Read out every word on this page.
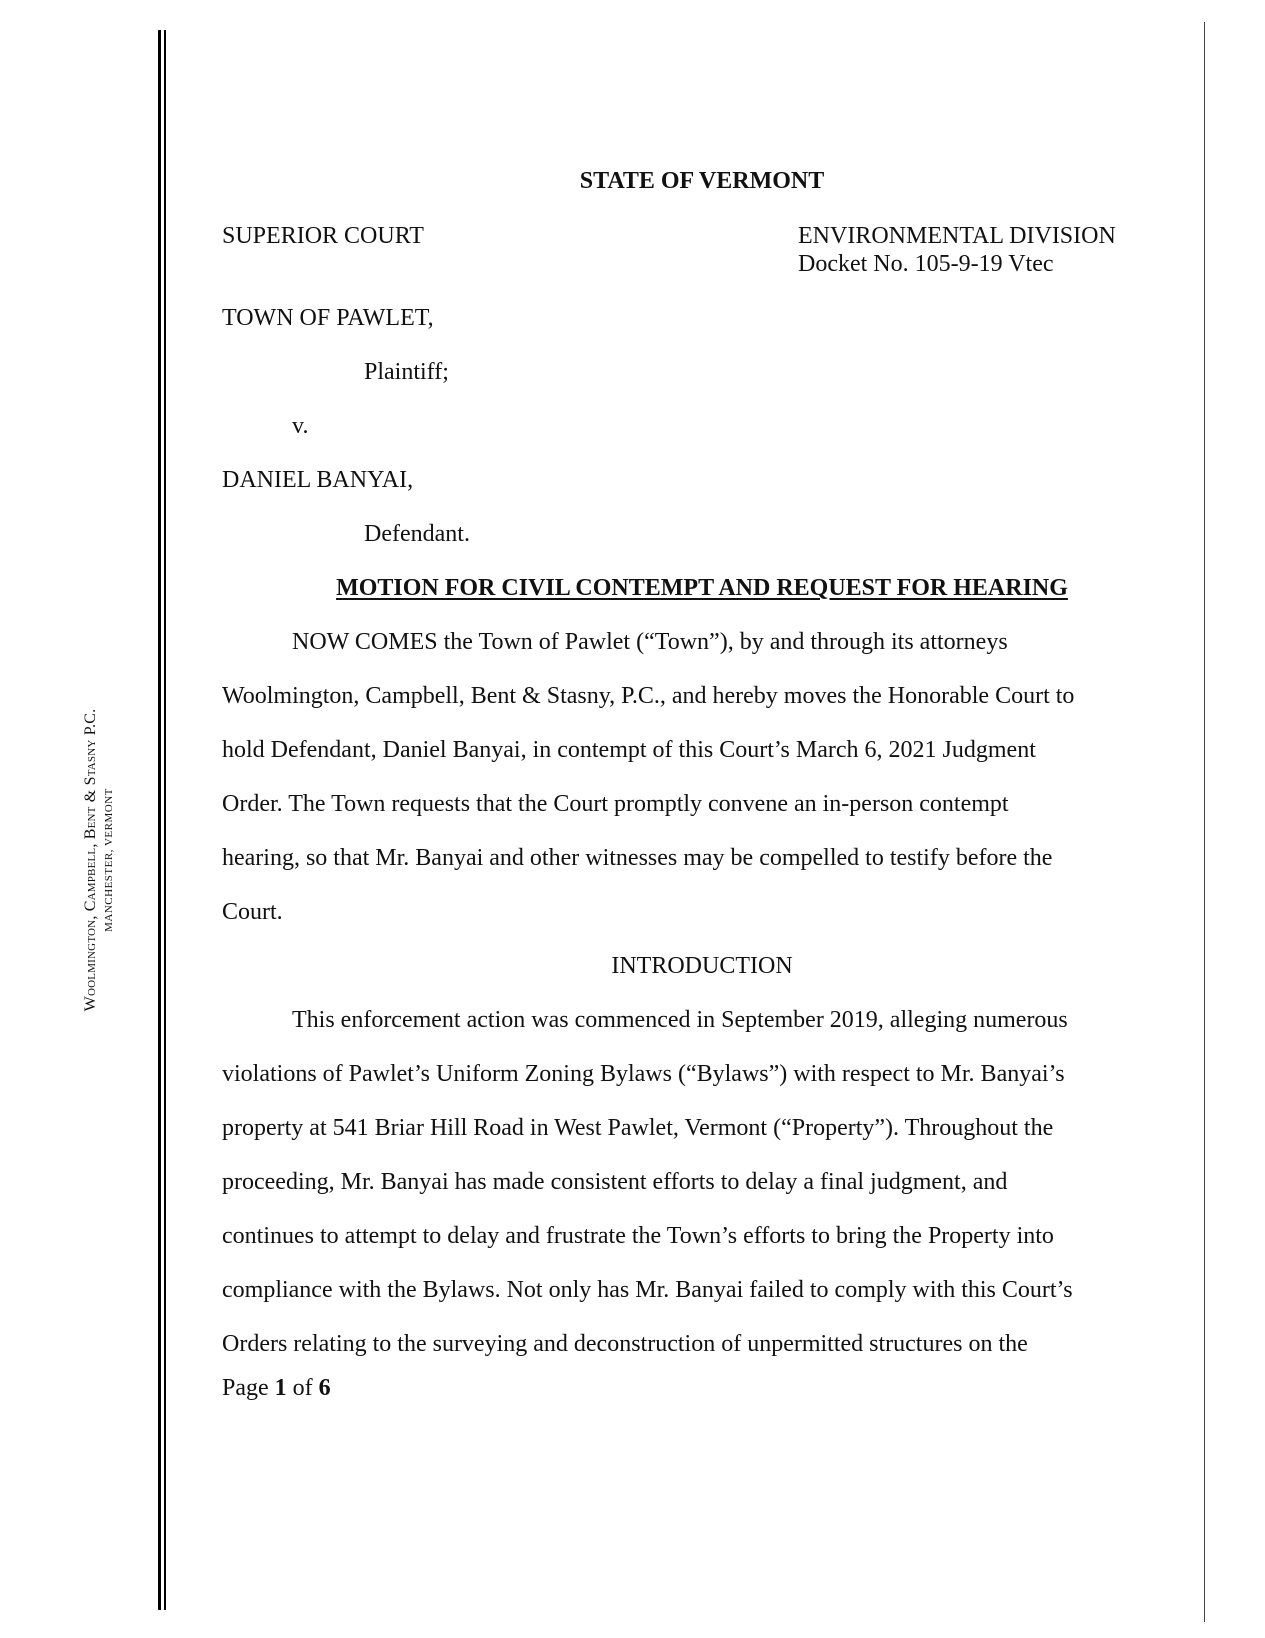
Woolmington, Campbell, Bent & Stasny P.C. MANCHESTER, VERMONT
STATE OF VERMONT
SUPERIOR COURT	ENVIRONMENTAL DIVISION
Docket No. 105-9-19 Vtec
TOWN OF PAWLET,
Plaintiff;
v.
DANIEL BANYAI,
Defendant.
MOTION FOR CIVIL CONTEMPT AND REQUEST FOR HEARING
NOW COMES the Town of Pawlet (“Town”), by and through its attorneys
Woolmington, Campbell, Bent & Stasny, P.C., and hereby moves the Honorable Court to
hold Defendant, Daniel Banyai, in contempt of this Court’s March 6, 2021 Judgment
Order. The Town requests that the Court promptly convene an in-person contempt
hearing, so that Mr. Banyai and other witnesses may be compelled to testify before the
Court.
INTRODUCTION
This enforcement action was commenced in September 2019, alleging numerous
violations of Pawlet’s Uniform Zoning Bylaws (“Bylaws”) with respect to Mr. Banyai’s
property at 541 Briar Hill Road in West Pawlet, Vermont (“Property”). Throughout the
proceeding, Mr. Banyai has made consistent efforts to delay a final judgment, and
continues to attempt to delay and frustrate the Town’s efforts to bring the Property into
compliance with the Bylaws. Not only has Mr. Banyai failed to comply with this Court’s
Orders relating to the surveying and deconstruction of unpermitted structures on the
Page 1 of 6
